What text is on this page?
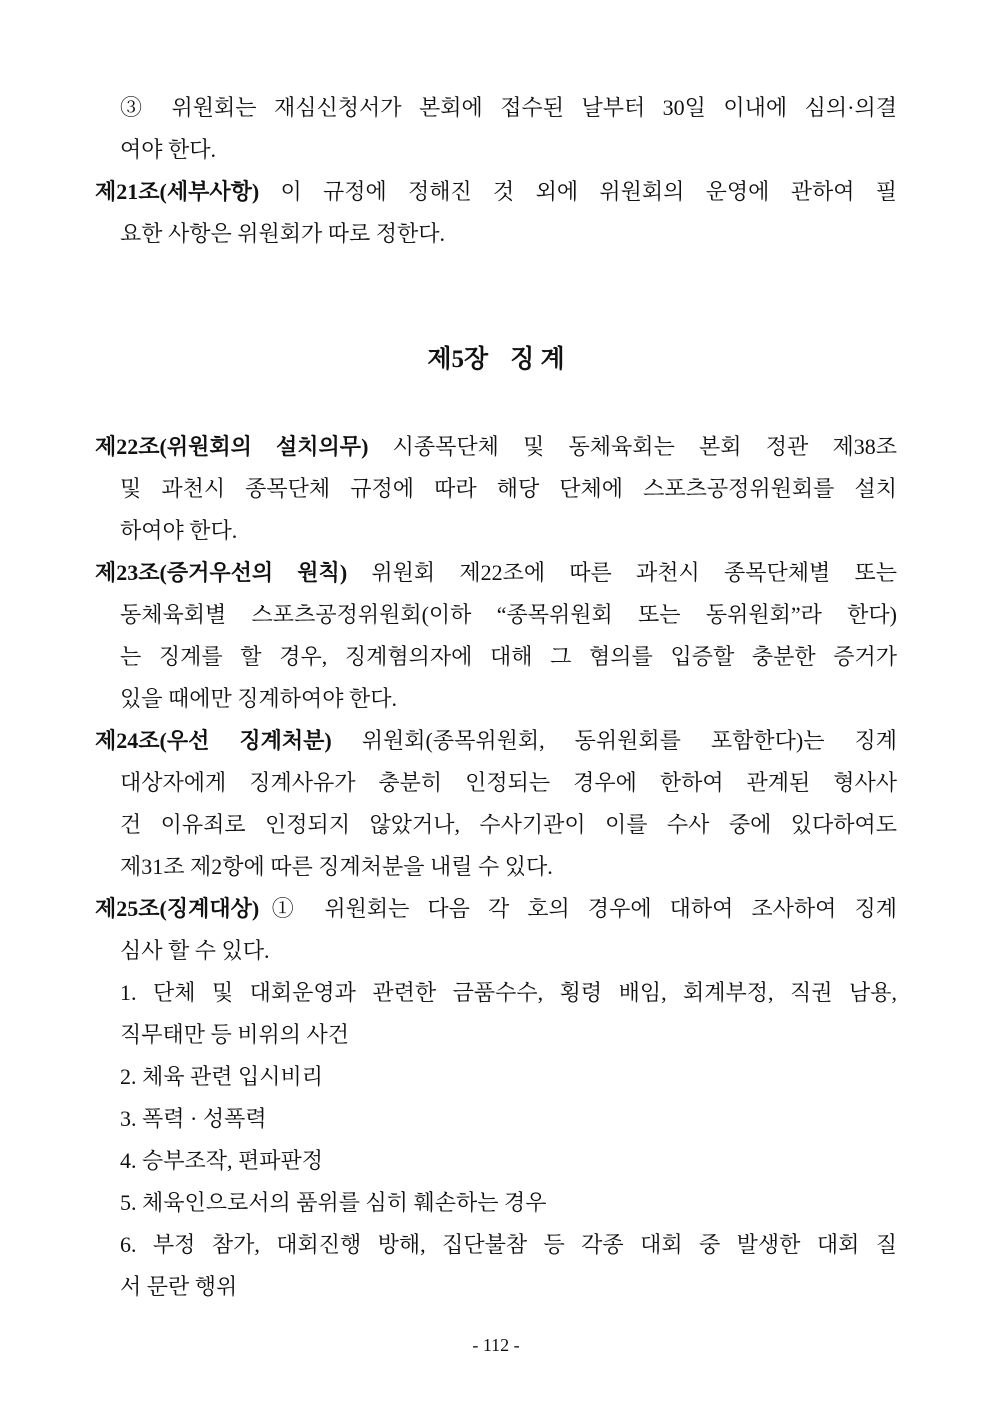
③ 위원회는 재심신청서가 본회에 접수된 날부터 30일 이내에 심의·의결
여야 한다.
제21조(세부사항) 이 규정에 정해진 것 외에 위원회의 운영에 관하여 필
요한 사항은 위원회가 따로 정한다.
제5장 징 계
제22조(위원회의 설치의무) 시종목단체 및 동체육회는 본회 정관 제38조
및 과천시 종목단체 규정에 따라 해당 단체에 스포츠공정위원회를 설치
하여야 한다.
제23조(증거우선의 원칙) 위원회 제22조에 따른 과천시 종목단체별 또는
동체육회별 스포츠공정위원회(이하 “종목위원회 또는 동위원회”라 한다)
는 징계를 할 경우, 징계혐의자에 대해 그 혐의를 입증할 충분한 증거가
있을 때에만 징계하여야 한다.
제24조(우선 징계처분) 위원회(종목위원회, 동위원회를 포함한다)는 징계
대상자에게 징계사유가 충분히 인정되는 경우에 한하여 관계된 형사사
건 이유죄로 인정되지 않았거나, 수사기관이 이를 수사 중에 있다하여도
제31조 제2항에 따른 징계처분을 내릴 수 있다.
제25조(징계대상)① 위원회는 다음 각 호의 경우에 대하여 조사하여 징계
심사 할 수 있다.
1. 단체 및 대회운영과 관련한 금품수수, 횡령 배임, 회계부정, 직권 남용,
직무태만 등 비위의 사건
2. 체육 관련 입시비리
3. 폭력 · 성폭력
4. 승부조작, 편파판정
5. 체육인으로서의 품위를 심히 훼손하는 경우
6. 부정 참가, 대회진행 방해, 집단불참 등 각종 대회 중 발생한 대회 질
서 문란 행위
- 112 -
